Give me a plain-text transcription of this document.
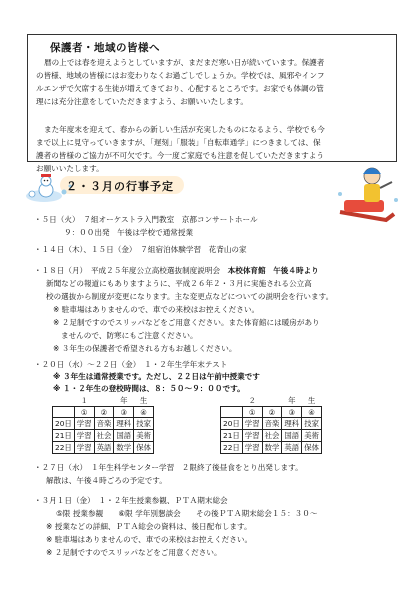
保護者・地域の皆様へ

暦の上では春を迎えようとしていますが、まだまだ寒い日が続いています。保護者

の皆様、地域の皆様にはお変わりなくお過ごしでしょうか。学校では、風邪やインフ

ルエンザで欠席する生徒が増えてきており、心配するところです。お家でも体調の管

理には充分注意をしていただきますよう、お願いいたします。

また年度末を迎えて、春からの新しい生活が充実したものになるよう、学校でも今

まで以上に見守っていきますが、「遅刻」「服装」「自転車通学」につきましては、保

護者の皆様のご協力が不可欠です。今一度ご家庭でも注意を促していただきますよう

お願いいたします。

２・３月の行事予定
・５日（火）　７組オーケストラ入門教室　京都コンサートホール
９：００出発　午後は学校で通常授業
・１４日（木）、１５日（金）　７組宿泊体験学習　花背山の家
・１８日（月）　平成２５年度公立高校選抜制度説明会　本校体育館　午後４時より
新聞などの報道にもありますように、平成２６年２・３月に実施される公立高
校の選抜から制度が変更になります。主な変更点などについての説明会を行います。
※ 駐車場はありませんので、車での来校はお控えください。
※ ２足制ですのでスリッパなどをご用意ください。また体育館には暖房があり
ませんので、防寒にもご注意ください。
※ ３年生の保護者で希望される方もお越しください。
・２０日（水）～２２日（金）　１・２年生学年末テスト
※ ３年生は通常授業です。ただし、２２日は午前中授業です
※ １・２年生の登校時間は、８：５０～９：００です。
	１		年	生
	①	②	③	④
20日	学習	音楽	理科	技家
21日	学習	社会	国語	美術
22日	学習	英語	数学	保体
	２		年	生
	①	②	③	④
20日	学習	音楽	理科	技家
21日	学習	社会	国語	美術
22日	学習	数学	英語	保体
・２７日（水）　１年生科学センター学習　２限終了後昼食をとり出発します。
解散は、午後４時ごろの予定です。
・３月１日（金）　１・２年生授業参観、ＰＴＡ期末総会
⑤限 授業参観　　⑥限 学年別懇談会　　その後ＰＴＡ期末総会１５：３０～
※ 授業などの詳細、ＰＴＡ総会の資料は、後日配布します。
※ 駐車場はありませんので、車での来校はお控えください。
※ ２足制ですのでスリッパなどをご用意ください。
